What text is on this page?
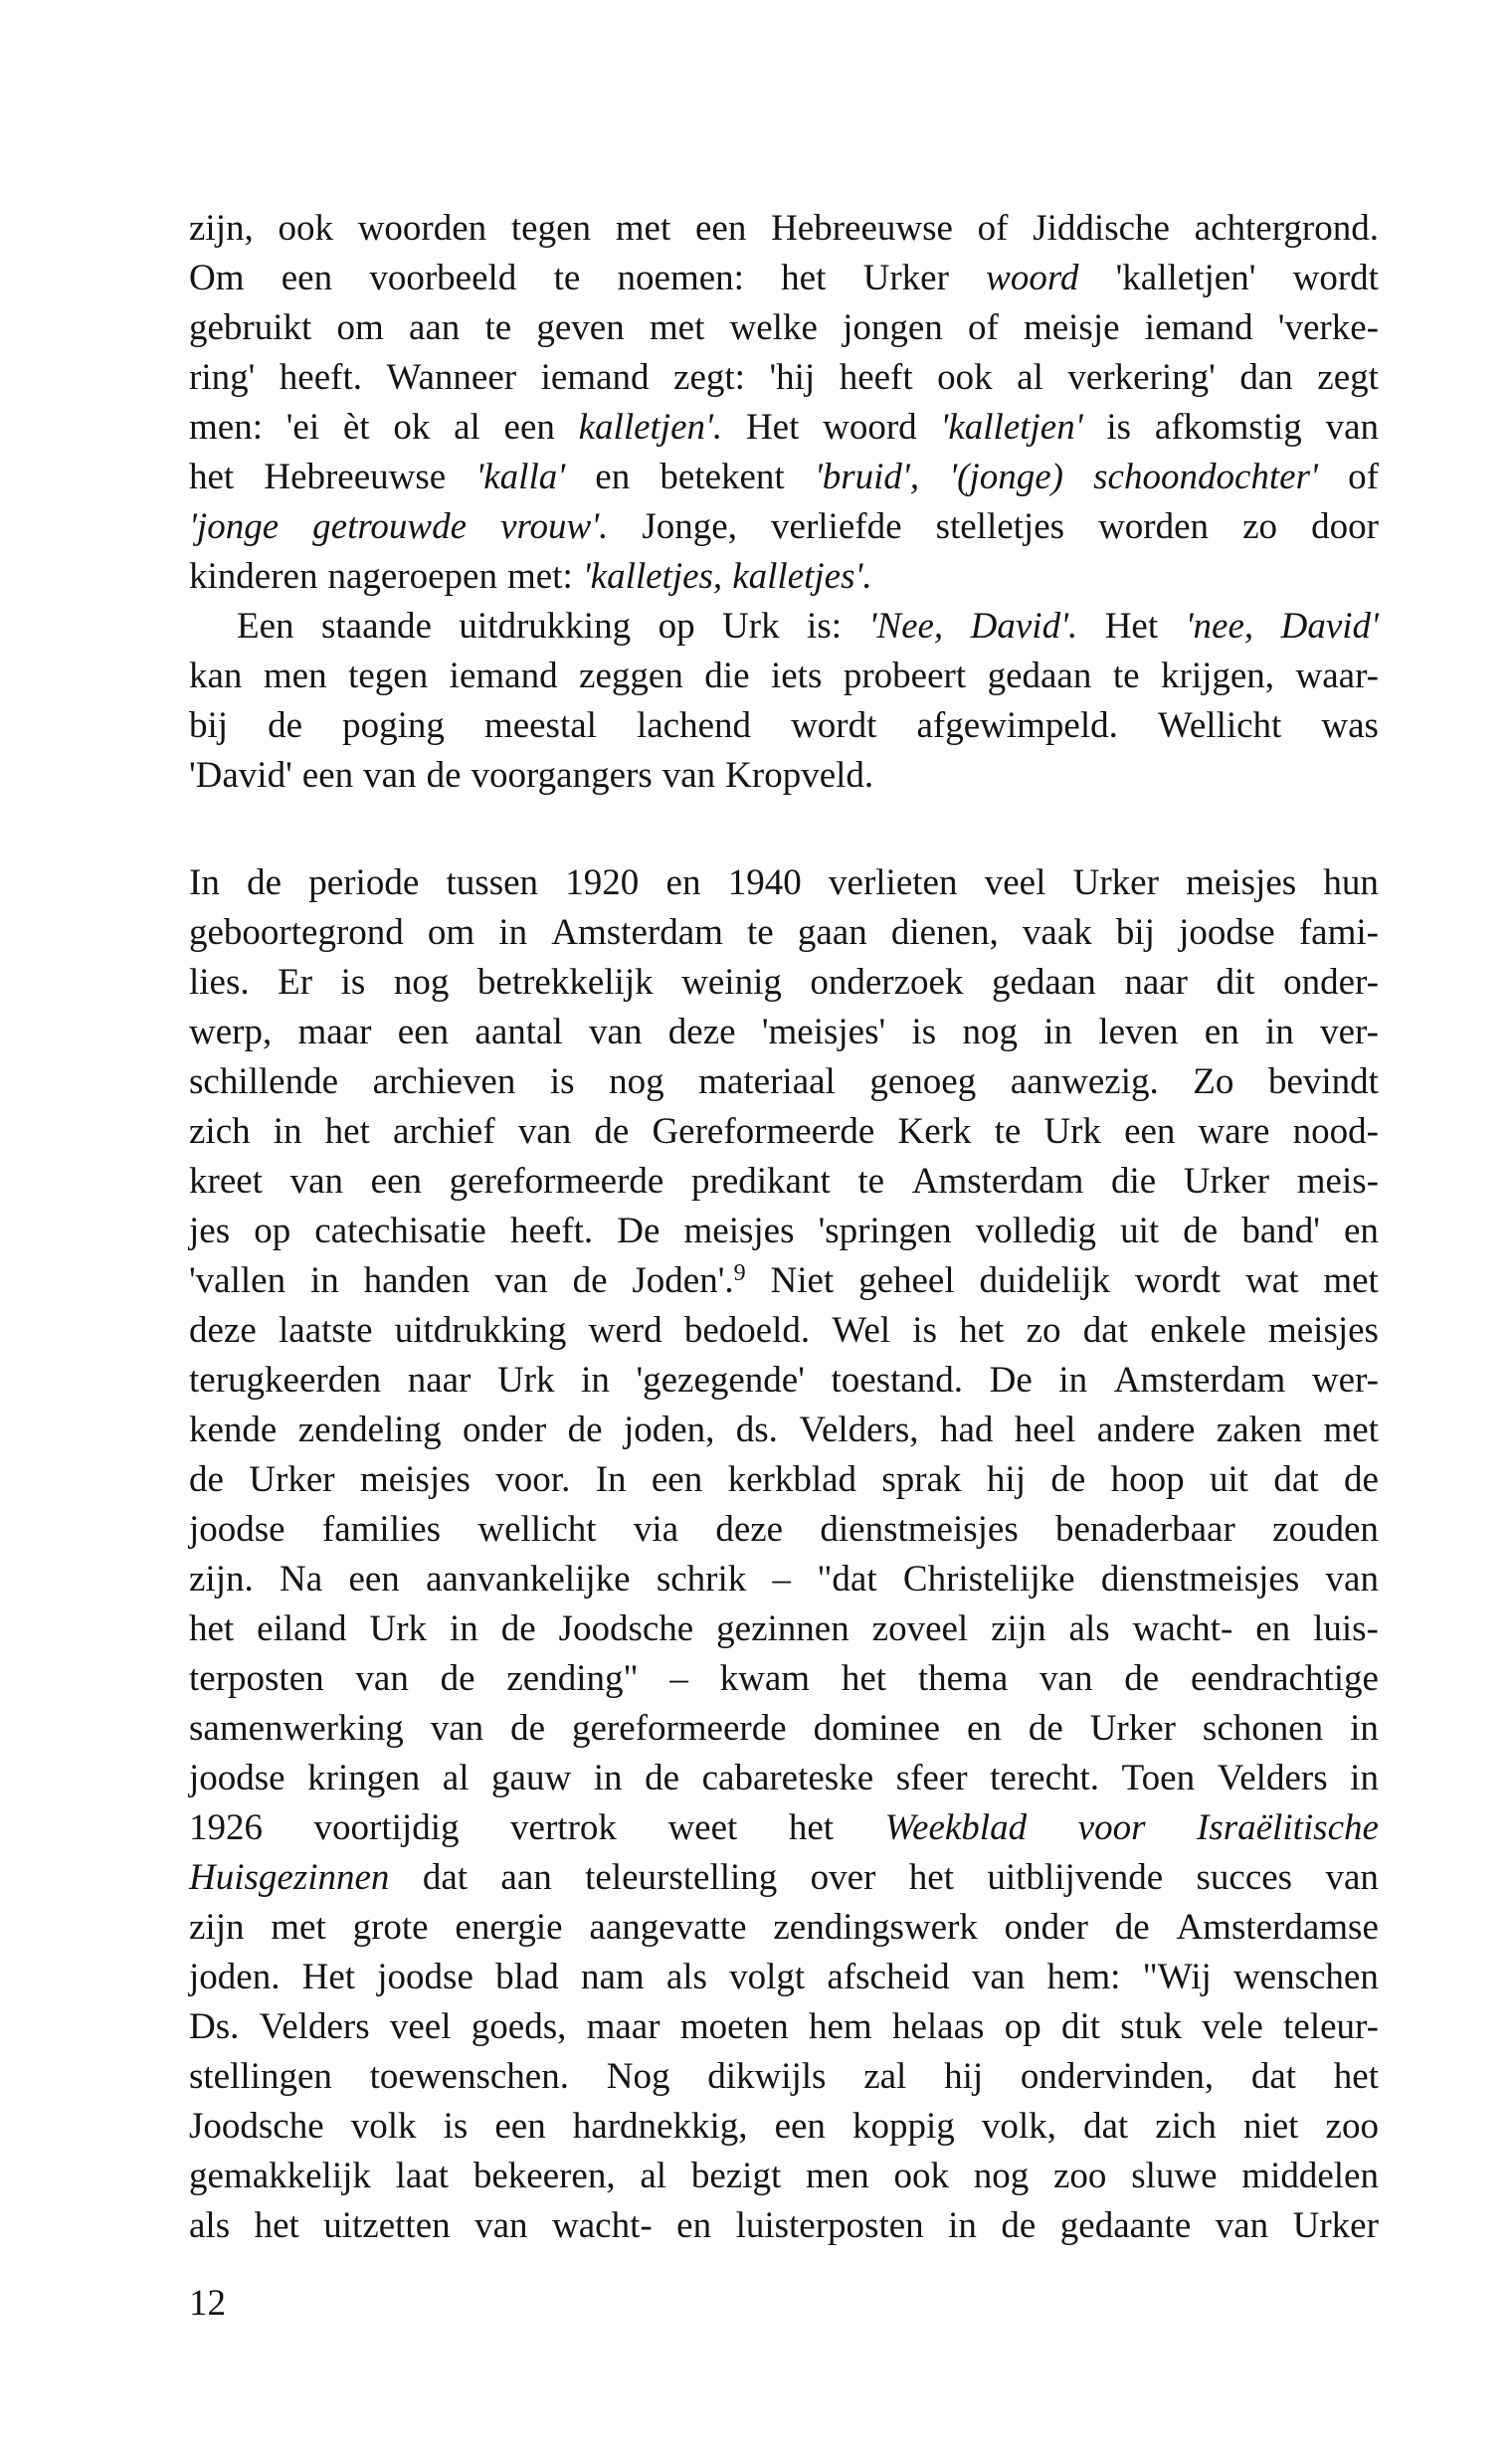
zijn, ook woorden tegen met een Hebreeuwse of Jiddische achtergrond.
Om een voorbeeld te noemen: het Urker woord 'kalletjen' wordt
gebruikt om aan te geven met welke jongen of meisje iemand 'verke-
ring' heeft. Wanneer iemand zegt: 'hij heeft ook al verkering' dan zegt
men: 'ei èt ok al een kalletjen'. Het woord 'kalletjen' is afkomstig van
het Hebreeuwse 'kalla' en betekent 'bruid', '(jonge) schoondochter' of
'jonge getrouwde vrouw'. Jonge, verliefde stelletjes worden zo door
kinderen nageroepen met: 'kalletjes, kalletjes'.
Een staande uitdrukking op Urk is: 'Nee, David'. Het 'nee, David'
kan men tegen iemand zeggen die iets probeert gedaan te krijgen, waar-
bij de poging meestal lachend wordt afgewimpeld. Wellicht was
'David' een van de voorgangers van Kropveld.
In de periode tussen 1920 en 1940 verlieten veel Urker meisjes hun
geboortegrond om in Amsterdam te gaan dienen, vaak bij joodse fami-
lies. Er is nog betrekkelijk weinig onderzoek gedaan naar dit onder-
werp, maar een aantal van deze 'meisjes' is nog in leven en in ver-
schillende archieven is nog materiaal genoeg aanwezig. Zo bevindt
zich in het archief van de Gereformeerde Kerk te Urk een ware nood-
kreet van een gereformeerde predikant te Amsterdam die Urker meis-
jes op catechisatie heeft. De meisjes 'springen volledig uit de band' en
'vallen in handen van de Joden'.$^9$ Niet geheel duidelijk wordt wat met
deze laatste uitdrukking werd bedoeld. Wel is het zo dat enkele meisjes
terugkeerden naar Urk in 'gezegende' toestand. De in Amsterdam wer-
kende zendeling onder de joden, ds. Velders, had heel andere zaken met
de Urker meisjes voor. In een kerkblad sprak hij de hoop uit dat de
joodse families wellicht via deze dienstmeisjes benaderbaar zouden
zijn. Na een aanvankelijke schrik – "dat Christelijke dienstmeisjes van
het eiland Urk in de Joodsche gezinnen zoveel zijn als wacht- en luis-
terposten van de zending" – kwam het thema van de eendrachtige
samenwerking van de gereformeerde dominee en de Urker schonen in
joodse kringen al gauw in de cabareteske sfeer terecht. Toen Velders in
1926 voortijdig vertrok weet het Weekblad voor Israëlitische
Huisgezinnen dat aan teleurstelling over het uitblijvende succes van
zijn met grote energie aangevatte zendingswerk onder de Amsterdamse
joden. Het joodse blad nam als volgt afscheid van hem: "Wij wenschen
Ds. Velders veel goeds, maar moeten hem helaas op dit stuk vele teleur-
stellingen toewenschen. Nog dikwijls zal hij ondervinden, dat het
Joodsche volk is een hardnekkig, een koppig volk, dat zich niet zoo
gemakkelijk laat bekeeren, al bezigt men ook nog zoo sluwe middelen
als het uitzetten van wacht- en luisterposten in de gedaante van Urker
12
